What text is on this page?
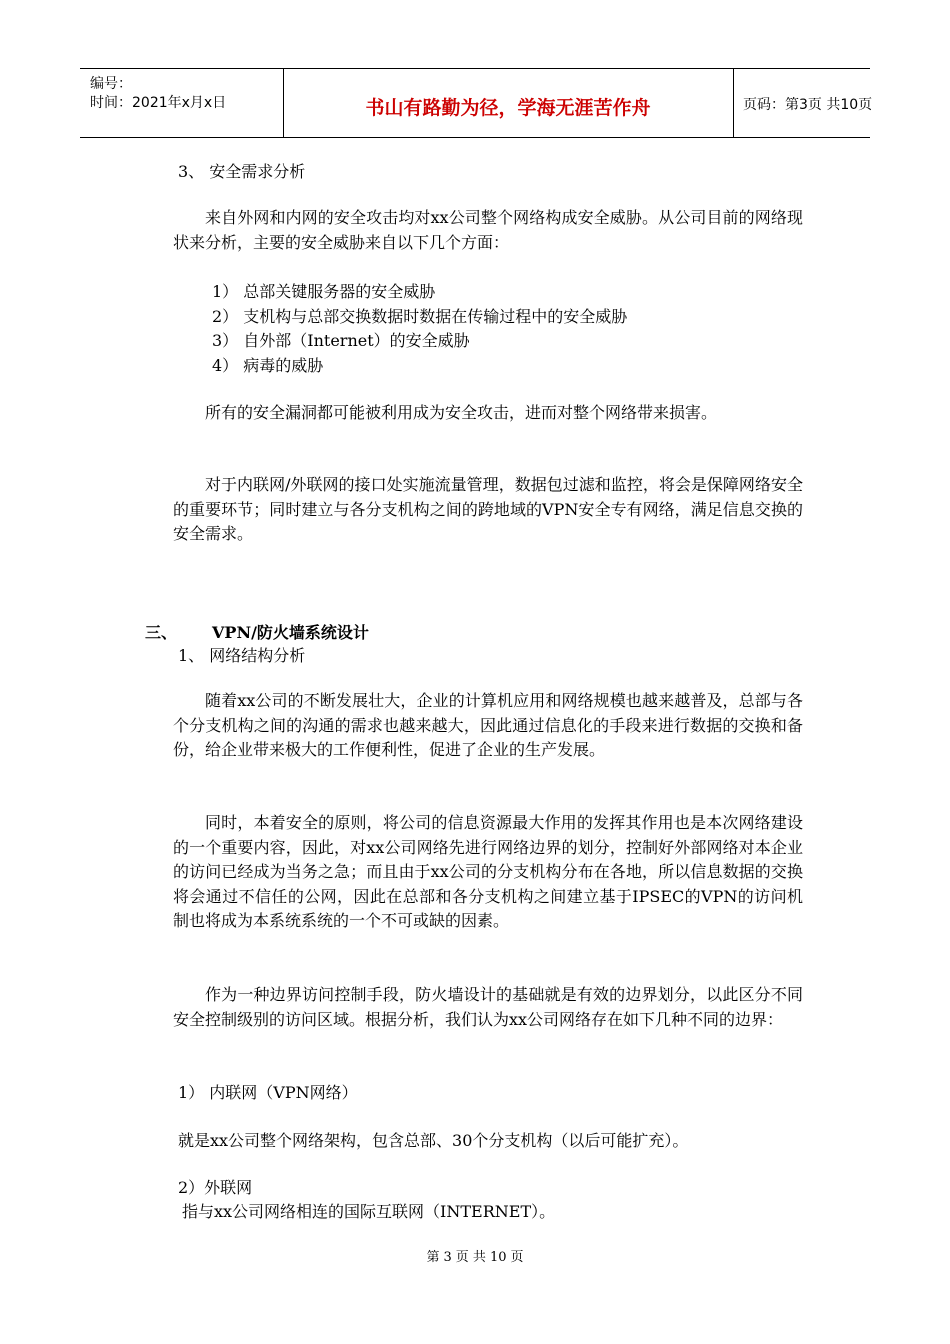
编号：
时间：2021年x月x日	书山有路勤为径，学海无涯苦作舟	页码：第3页 共10页
3、 安全需求分析
来自外网和内网的安全攻击均对xx公司整个网络构成安全威胁。从公司目前的网络现状来分析，主要的安全威胁来自以下几个方面：
1） 总部关键服务器的安全威胁
2） 支机构与总部交换数据时数据在传输过程中的安全威胁
3） 自外部（Internet）的安全威胁
4） 病毒的威胁
所有的安全漏洞都可能被利用成为安全攻击，进而对整个网络带来损害。
对于内联网/外联网的接口处实施流量管理，数据包过滤和监控，将会是保障网络安全的重要环节；同时建立与各分支机构之间的跨地域的VPN安全专有网络，满足信息交换的安全需求。
三、 VPN/防火墙系统设计
1、 网络结构分析
随着xx公司的不断发展壮大，企业的计算机应用和网络规模也越来越普及，总部与各个分支机构之间的沟通的需求也越来越大，因此通过信息化的手段来进行数据的交换和备份，给企业带来极大的工作便利性，促进了企业的生产发展。
同时，本着安全的原则，将公司的信息资源最大作用的发挥其作用也是本次网络建设的一个重要内容，因此，对xx公司网络先进行网络边界的划分，控制好外部网络对本企业的访问已经成为当务之急；而且由于xx公司的分支机构分布在各地，所以信息数据的交换将会通过不信任的公网，因此在总部和各分支机构之间建立基于IPSEC的VPN的访问机制也将成为本系统系统的一个不可或缺的因素。
作为一种边界访问控制手段，防火墙设计的基础就是有效的边界划分，以此区分不同安全控制级别的访问区域。根据分析，我们认为xx公司网络存在如下几种不同的边界：
1） 内联网（VPN网络）
就是xx公司整个网络架构，包含总部、30个分支机构（以后可能扩充）。
2）外联网
指与xx公司网络相连的国际互联网（INTERNET）。
第 3 页 共 10 页
